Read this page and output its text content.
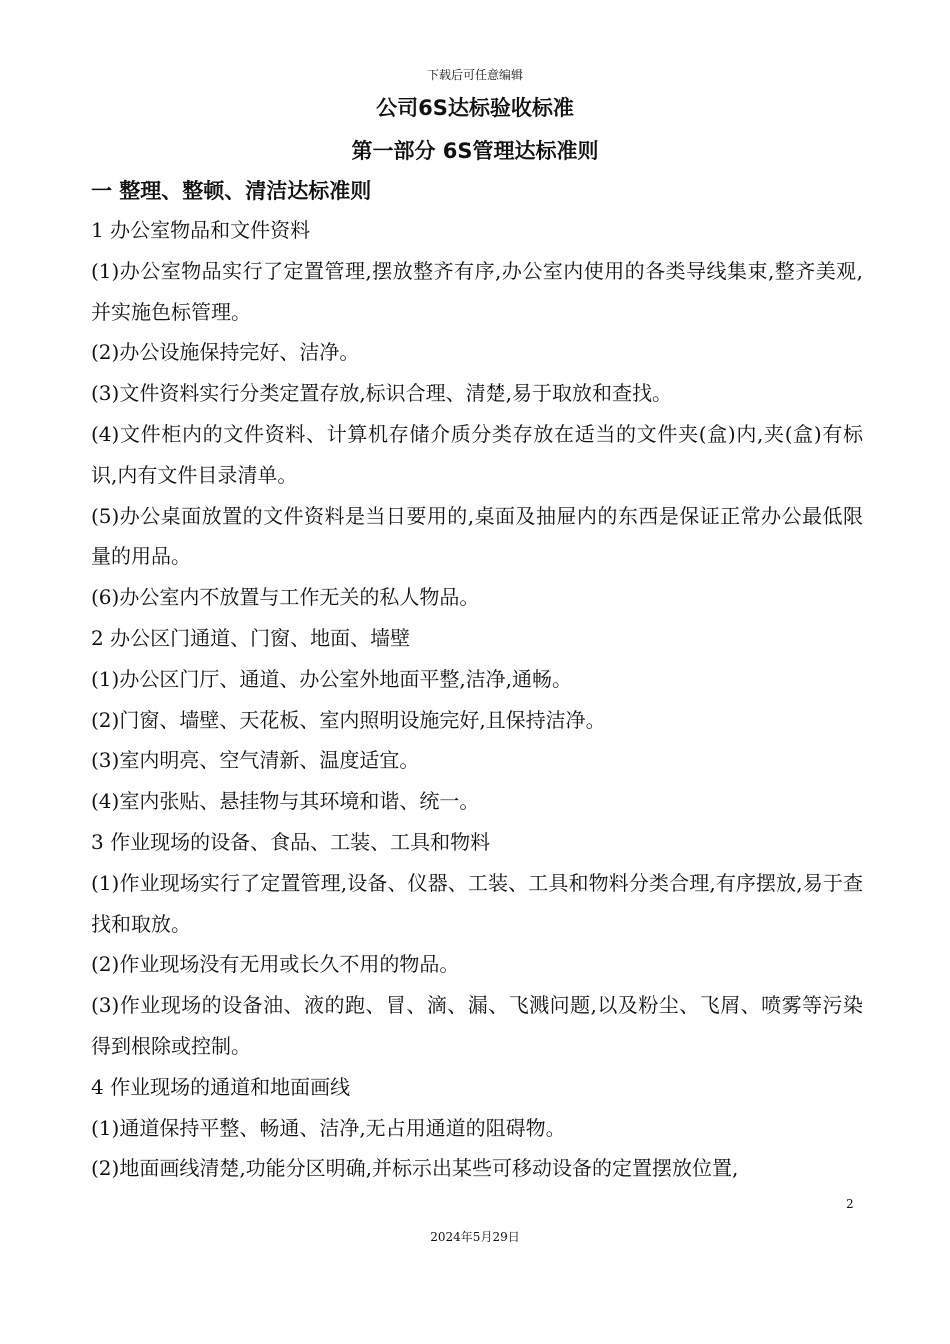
下载后可任意编辑
公司6S达标验收标准
第一部分 6S管理达标准则
一 整理、整顿、清洁达标准则
1 办公室物品和文件资料
(1)办公室物品实行了定置管理,摆放整齐有序,办公室内使用的各类导线集束,整齐美观,并实施色标管理。
(2)办公设施保持完好、洁净。
(3)文件资料实行分类定置存放,标识合理、清楚,易于取放和查找。
(4)文件柜内的文件资料、计算机存储介质分类存放在适当的文件夹(盒)内,夹(盒)有标识,内有文件目录清单。
(5)办公桌面放置的文件资料是当日要用的,桌面及抽屉内的东西是保证正常办公最低限量的用品。
(6)办公室内不放置与工作无关的私人物品。
2 办公区门通道、门窗、地面、墙壁
(1)办公区门厅、通道、办公室外地面平整,洁净,通畅。
(2)门窗、墙壁、天花板、室内照明设施完好,且保持洁净。
(3)室内明亮、空气清新、温度适宜。
(4)室内张贴、悬挂物与其环境和谐、统一。
3 作业现场的设备、食品、工装、工具和物料
(1)作业现场实行了定置管理,设备、仪器、工装、工具和物料分类合理,有序摆放,易于查找和取放。
(2)作业现场没有无用或长久不用的物品。
(3)作业现场的设备油、液的跑、冒、滴、漏、飞溅问题,以及粉尘、飞屑、喷雾等污染得到根除或控制。
4 作业现场的通道和地面画线
(1)通道保持平整、畅通、洁净,无占用通道的阻碍物。
(2)地面画线清楚,功能分区明确,并标示出某些可移动设备的定置摆放位置,
2
2024年5月29日
